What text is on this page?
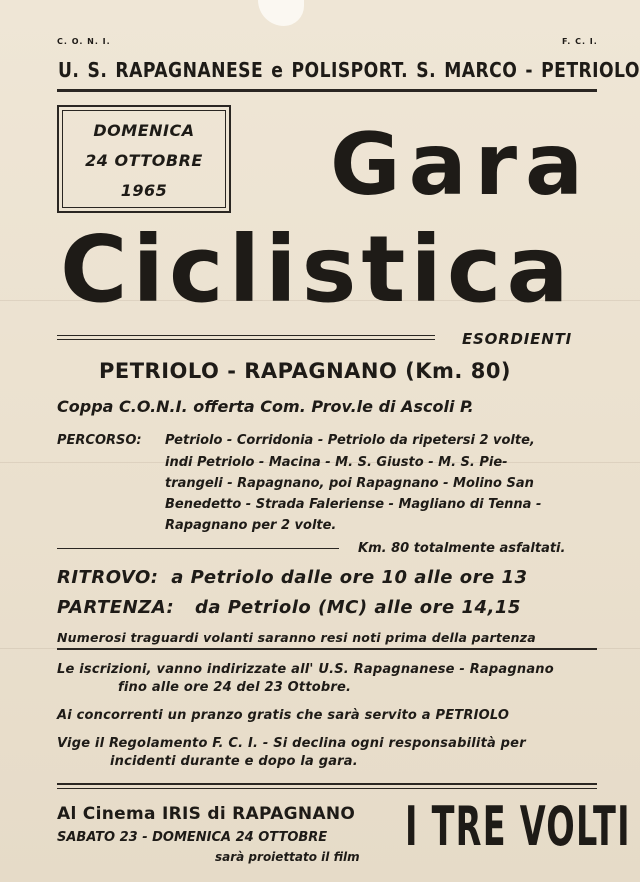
C. O. N. I.	F. C. I.
U. S. RAPAGNANESE e POLISPORT. S. MARCO - PETRIOLO
DOMENICA
24 OTTOBRE
1965	Gara
Ciclistica
ESORDIENTI
PETRIOLO - RAPAGNANO (Km. 80)
Coppa C.O.N.I. offerta Com. Prov.le di Ascoli P.
PERCORSO: Petriolo - Corridonia - Petriolo da ripetersi 2 volte,
indi Petriolo - Macina - M. S. Giusto - M. S. Pie-
trangeli - Rapagnano, poi Rapagnano - Molino San
Benedetto - Strada Faleriense - Magliano di Tenna -
Rapagnano per 2 volte.
Km. 80 totalmente asfaltati.
RITROVO: a Petriolo dalle ore 10 alle ore 13
PARTENZA: da Petriolo (MC) alle ore 14,15
Numerosi traguardi volanti saranno resi noti prima della partenza
Le iscrizioni, vanno indirizzate all' U.S. Rapagnanese - Rapagnano
fino alle ore 24 del 23 Ottobre.
Ai concorrenti un pranzo gratis che sarà servito a PETRIOLO
Vige il Regolamento F. C. I. - Si declina ogni responsabilità per
incidenti durante e dopo la gara.
Al Cinema IRIS di RAPAGNANO
SABATO 23 - DOMENICA 24 OTTOBRE
sarà proiettato il film I TRE VOLTI
